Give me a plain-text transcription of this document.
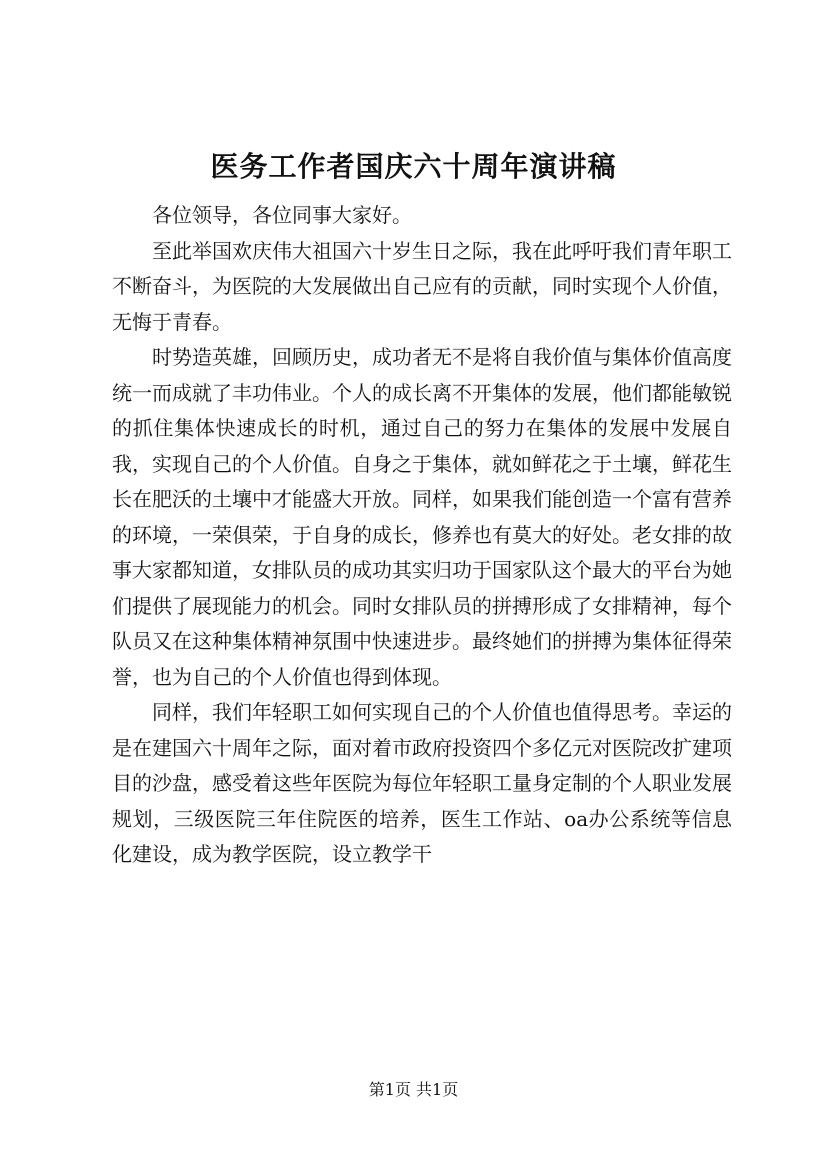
医务工作者国庆六十周年演讲稿

各位领导，各位同事大家好。

至此举国欢庆伟大祖国六十岁生日之际，我在此呼吁我们青年职工不断奋斗，为医院的大发展做出自己应有的贡献，同时实现个人价值，无悔于青春。

时势造英雄，回顾历史，成功者无不是将自我价值与集体价值高度统一而成就了丰功伟业。个人的成长离不开集体的发展，他们都能敏锐的抓住集体快速成长的时机，通过自己的努力在集体的发展中发展自我，实现自己的个人价值。自身之于集体，就如鲜花之于土壤，鲜花生长在肥沃的土壤中才能盛大开放。同样，如果我们能创造一个富有营养的环境，一荣俱荣，于自身的成长，修养也有莫大的好处。老女排的故事大家都知道，女排队员的成功其实归功于国家队这个最大的平台为她们提供了展现能力的机会。同时女排队员的拼搏形成了女排精神，每个队员又在这种集体精神氛围中快速进步。最终她们的拼搏为集体征得荣誉，也为自己的个人价值也得到体现。

同样，我们年轻职工如何实现自己的个人价值也值得思考。幸运的是在建国六十周年之际，面对着市政府投资四个多亿元对医院改扩建项目的沙盘，感受着这些年医院为每位年轻职工量身定制的个人职业发展规划，三级医院三年住院医的培养，医生工作站、oa办公系统等信息化建设，成为教学医院，设立教学干

第1页 共1页
